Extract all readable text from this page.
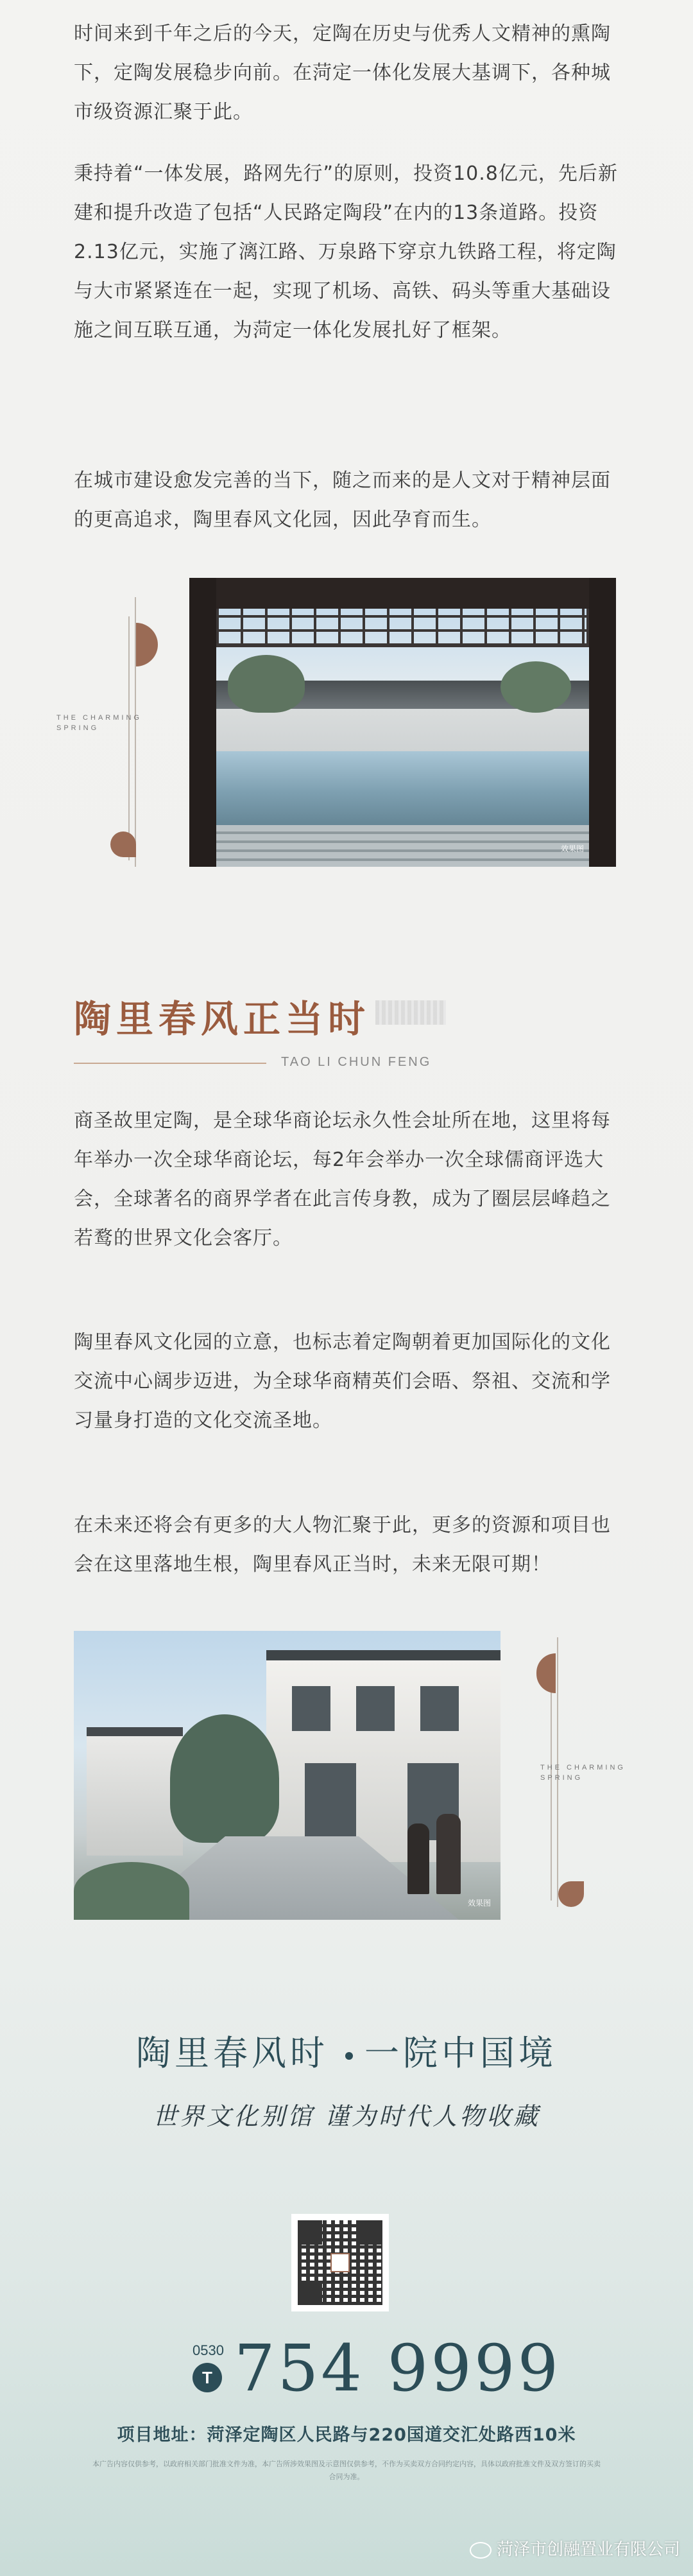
时间来到千年之后的今天，定陶在历史与优秀人文精神的熏陶下，定陶发展稳步向前。在菏定一体化发展大基调下，各种城市级资源汇聚于此。

秉持着“一体发展，路网先行”的原则，投资10.8亿元，先后新建和提升改造了包括“人民路定陶段”在内的13条道路。投资2.13亿元，实施了漓江路、万泉路下穿京九铁路工程，将定陶与大市紧紧连在一起，实现了机场、高铁、码头等重大基础设施之间互联互通，为菏定一体化发展扎好了框架。

在城市建设愈发完善的当下，随之而来的是人文对于精神层面的更高追求，陶里春风文化园，因此孕育而生。

THE CHARMING SPRING
效果图
陶里春风正当时
TAO LI CHUN FENG

商圣故里定陶，是全球华商论坛永久性会址所在地，这里将每年举办一次全球华商论坛，每2年会举办一次全球儒商评选大会，全球著名的商界学者在此言传身教，成为了圈层层峰趋之若鹜的世界文化会客厅。

陶里春风文化园的立意，也标志着定陶朝着更加国际化的文化交流中心阔步迈进，为全球华商精英们会晤、祭祖、交流和学习量身打造的文化交流圣地。

在未来还将会有更多的大人物汇聚于此，更多的资源和项目也会在这里落地生根，陶里春风正当时，未来无限可期！

效果图
THE CHARMING SPRING
陶里春风时 一院中国境
世界文化别馆 谨为时代人物收藏
0530
T 754 9999
项目地址：菏泽定陶区人民路与220国道交汇处路西10米
本广告内容仅供参考，以政府相关部门批准文件为准，本广告所涉效果图及示意图仅供参考，不作为买卖双方合同约定内容，具体以政府批准文件及双方签订的买卖合同为准。
菏泽市创融置业有限公司
